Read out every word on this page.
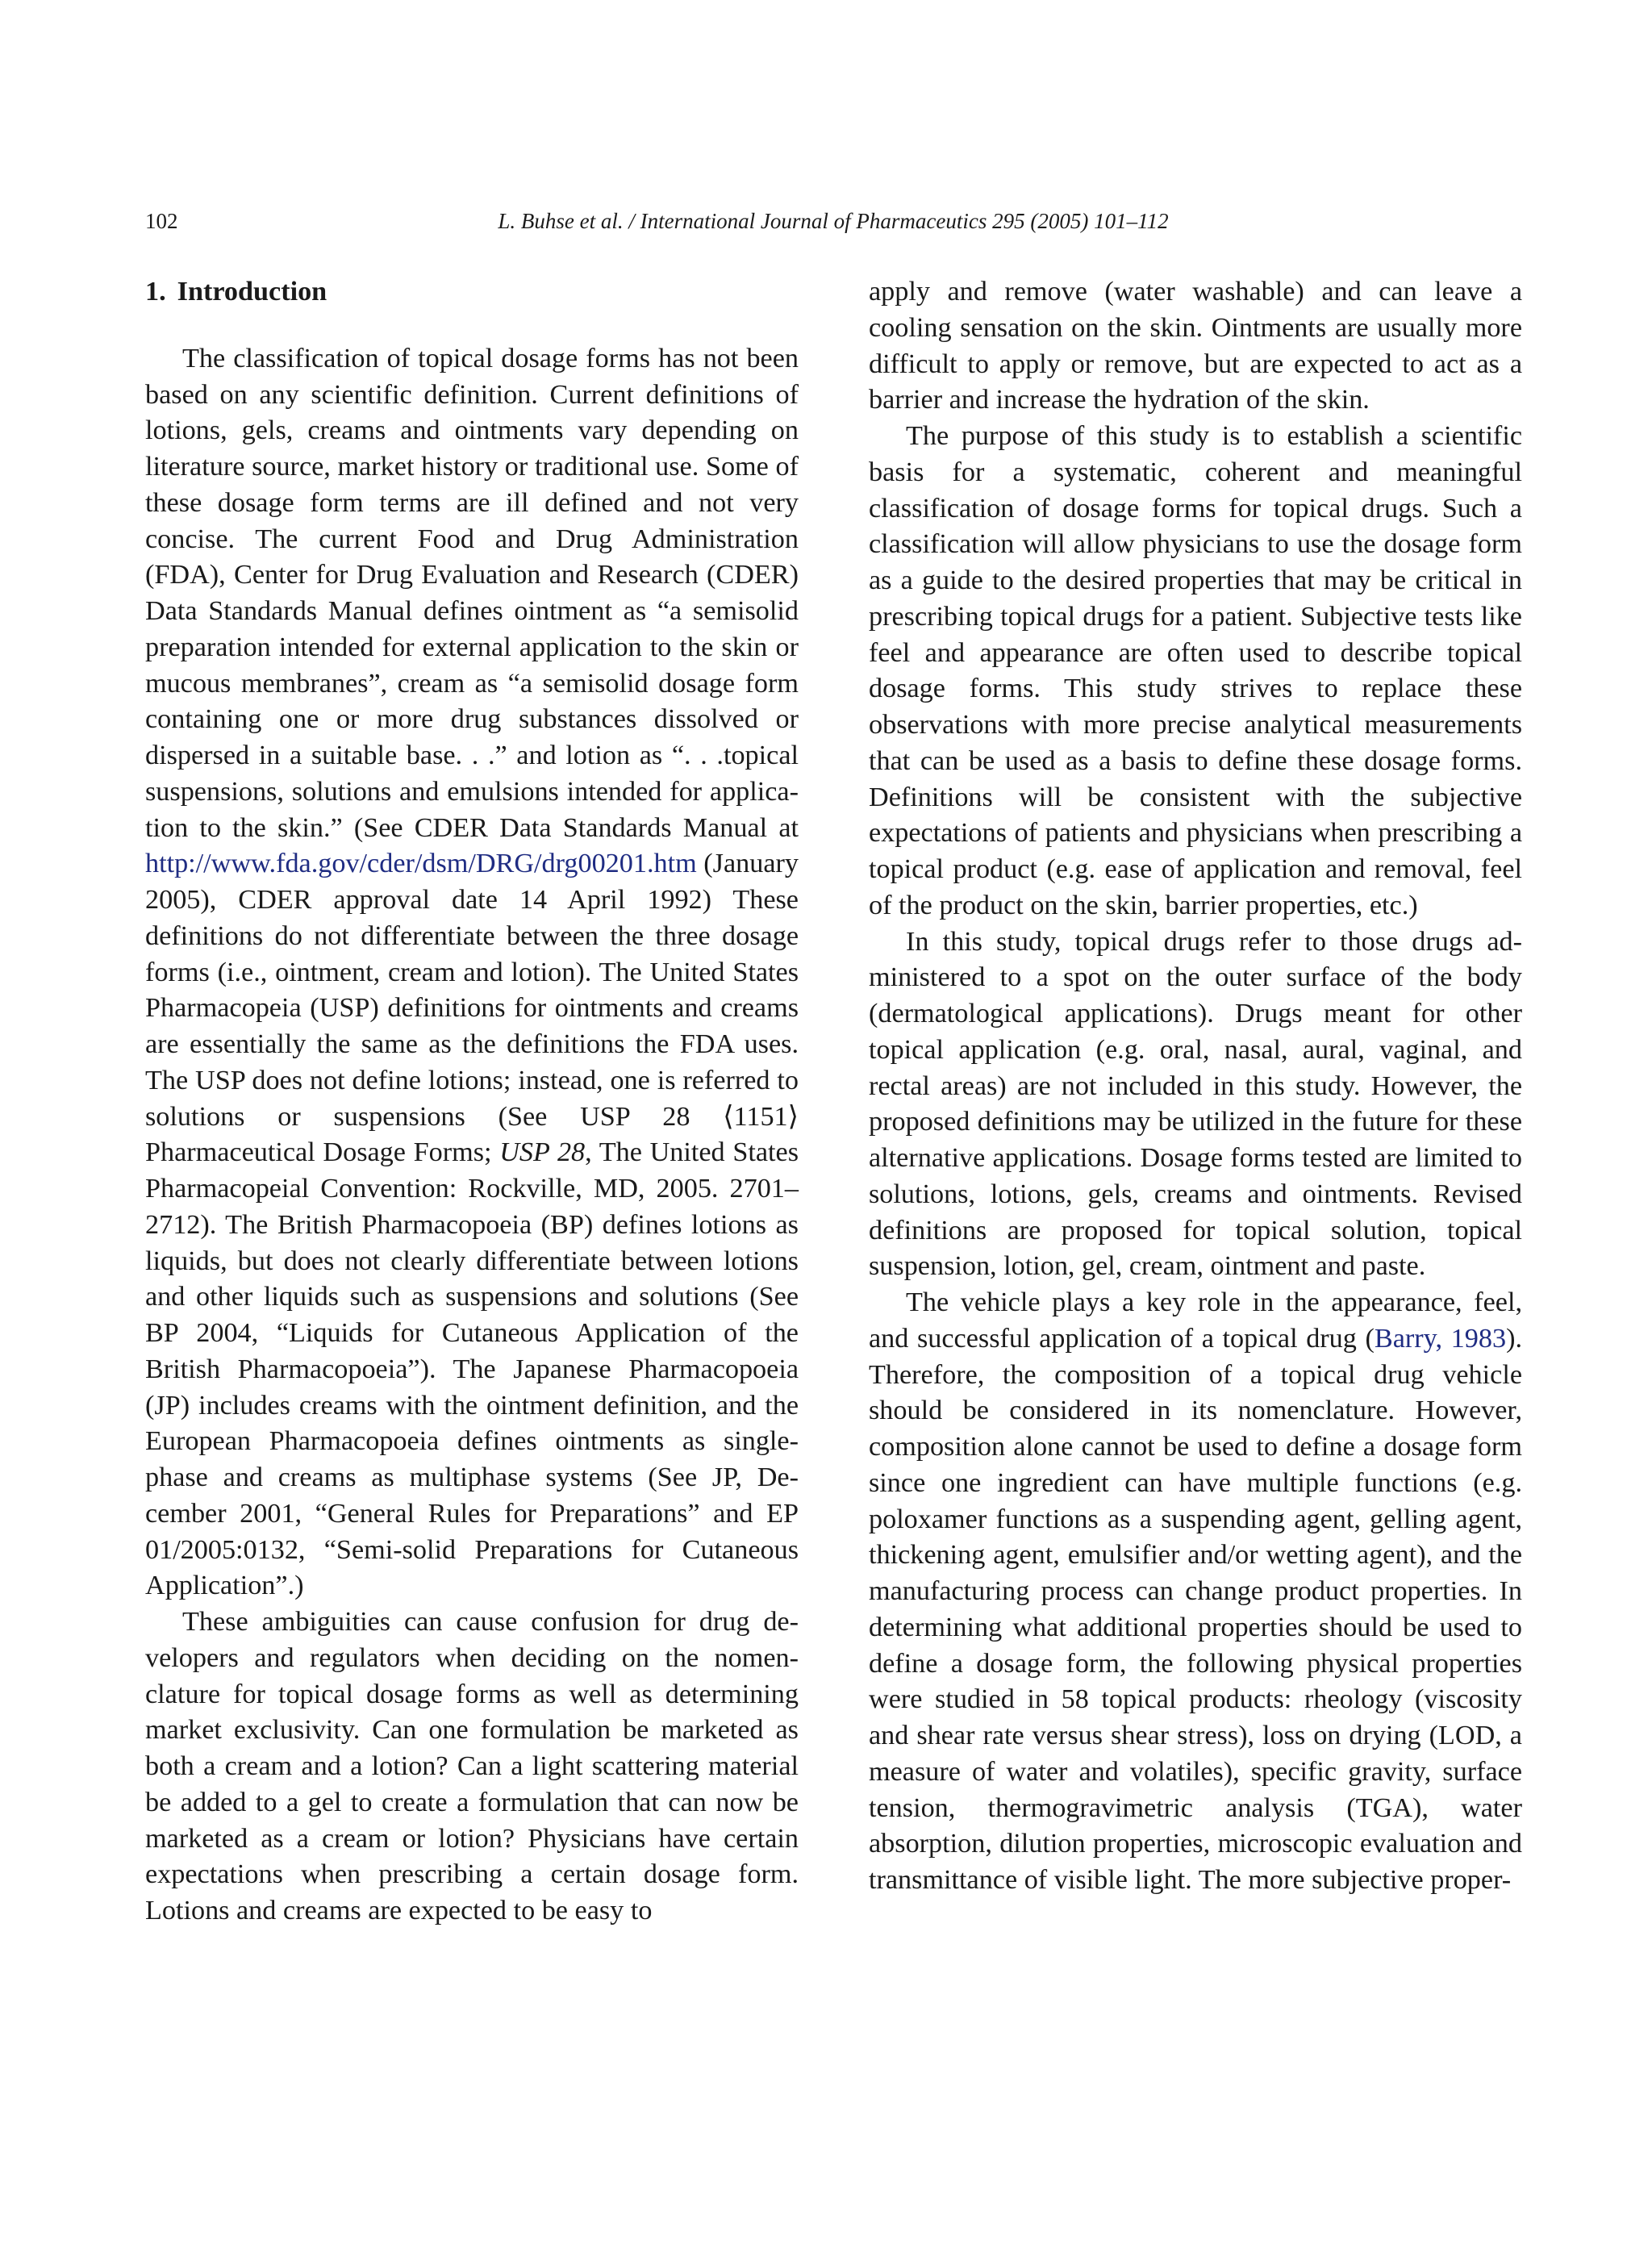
102	L. Buhse et al. / International Journal of Pharmaceutics 295 (2005) 101–112
1. Introduction

The classification of topical dosage forms has not been based on any scientific definition. Current definitions of lotions, gels, creams and ointments vary depending on literature source, market history or traditional use. Some of these dosage form terms are ill defined and not very concise. The current Food and Drug Administration (FDA), Center for Drug Evaluation and Research (CDER) Data Standards Manual defines ointment as “a semisolid preparation intended for external application to the skin or mucous membranes”, cream as “a semisolid dosage form containing one or more drug substances dissolved or dispersed in a suitable base. . .” and lotion as “. . .topical suspensions, solutions and emulsions intended for application to the skin.” (See CDER Data Standards Manual at http://www.fda.gov/cder/dsm/DRG/drg00201.htm (January 2005), CDER approval date 14 April 1992) These definitions do not differentiate between the three dosage forms (i.e., ointment, cream and lotion). The United States Pharmacopeia (USP) definitions for ointments and creams are essentially the same as the definitions the FDA uses. The USP does not define lotions; instead, one is referred to solutions or suspensions (See USP 28 ⟨1151⟩ Pharmaceutical Dosage Forms; USP 28, The United States Pharmacopeial Convention: Rockville, MD, 2005. 2701–2712). The British Pharmacopoeia (BP) defines lotions as liquids, but does not clearly differentiate between lotions and other liquids such as suspensions and solutions (See BP 2004, “Liquids for Cutaneous Application of the British Pharmacopoeia”). The Japanese Pharmacopoeia (JP) includes creams with the ointment definition, and the European Pharmacopoeia defines ointments as single-phase and creams as multiphase systems (See JP, December 2001, “General Rules for Preparations” and EP 01/2005:0132, “Semi-solid Preparations for Cutaneous Application”.)

These ambiguities can cause confusion for drug developers and regulators when deciding on the nomenclature for topical dosage forms as well as determining market exclusivity. Can one formulation be marketed as both a cream and a lotion? Can a light scattering material be added to a gel to create a formulation that can now be marketed as a cream or lotion? Physicians have certain expectations when prescribing a certain dosage form. Lotions and creams are expected to be easy to

apply and remove (water washable) and can leave a cooling sensation on the skin. Ointments are usually more difficult to apply or remove, but are expected to act as a barrier and increase the hydration of the skin.

The purpose of this study is to establish a scientific basis for a systematic, coherent and meaningful classification of dosage forms for topical drugs. Such a classification will allow physicians to use the dosage form as a guide to the desired properties that may be critical in prescribing topical drugs for a patient. Subjective tests like feel and appearance are often used to describe topical dosage forms. This study strives to replace these observations with more precise analytical measurements that can be used as a basis to define these dosage forms. Definitions will be consistent with the subjective expectations of patients and physicians when prescribing a topical product (e.g. ease of application and removal, feel of the product on the skin, barrier properties, etc.)

In this study, topical drugs refer to those drugs administered to a spot on the outer surface of the body (dermatological applications). Drugs meant for other topical application (e.g. oral, nasal, aural, vaginal, and rectal areas) are not included in this study. However, the proposed definitions may be utilized in the future for these alternative applications. Dosage forms tested are limited to solutions, lotions, gels, creams and ointments. Revised definitions are proposed for topical solution, topical suspension, lotion, gel, cream, ointment and paste.

The vehicle plays a key role in the appearance, feel, and successful application of a topical drug (Barry, 1983). Therefore, the composition of a topical drug vehicle should be considered in its nomenclature. However, composition alone cannot be used to define a dosage form since one ingredient can have multiple functions (e.g. poloxamer functions as a suspending agent, gelling agent, thickening agent, emulsifier and/or wetting agent), and the manufacturing process can change product properties. In determining what additional properties should be used to define a dosage form, the following physical properties were studied in 58 topical products: rheology (viscosity and shear rate versus shear stress), loss on drying (LOD, a measure of water and volatiles), specific gravity, surface tension, thermogravimetric analysis (TGA), water absorption, dilution properties, microscopic evaluation and transmittance of visible light. The more subjective proper-
